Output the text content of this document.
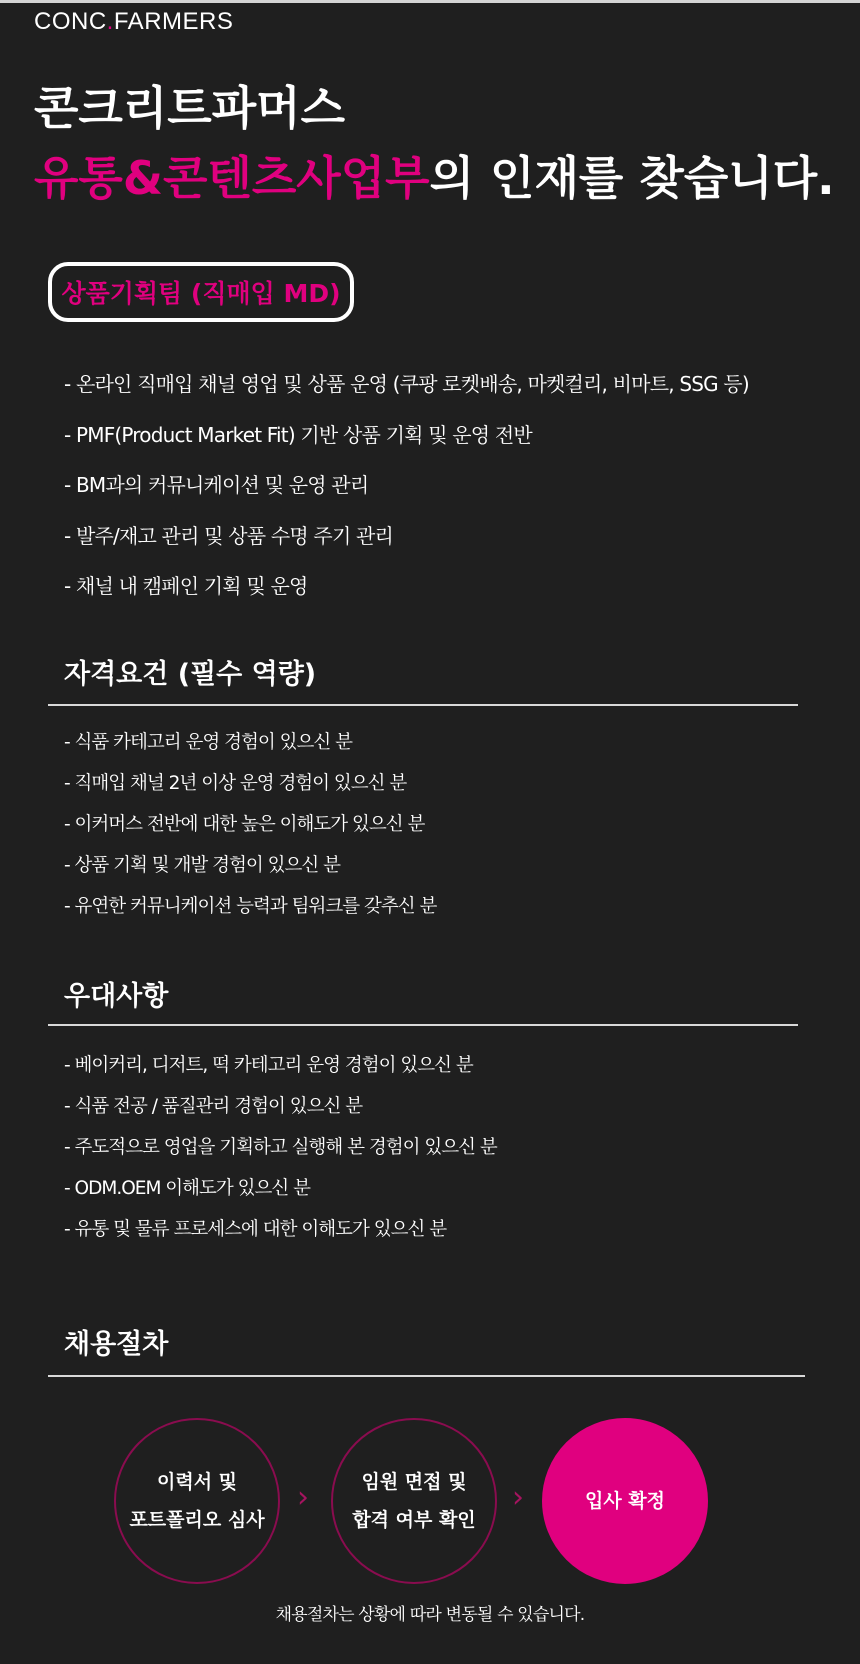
CONC.FARMERS
콘크리트파머스
유통&콘텐츠사업부의 인재를 찾습니다.
상품기획팀 (직매입 MD)
- 온라인 직매입 채널 영업 및 상품 운영 (쿠팡 로켓배송, 마켓컬리, 비마트, SSG 등)
- PMF(Product Market Fit) 기반 상품 기획 및 운영 전반
- BM과의 커뮤니케이션 및 운영 관리
- 발주/재고 관리 및 상품 수명 주기 관리
- 채널 내 캠페인 기획 및 운영
자격요건 (필수 역량)
- 식품 카테고리 운영 경험이 있으신 분
- 직매입 채널 2년 이상 운영 경험이 있으신 분
- 이커머스 전반에 대한 높은 이해도가 있으신 분
- 상품 기획 및 개발 경험이 있으신 분
- 유연한 커뮤니케이션 능력과 팀워크를 갖추신 분
우대사항
- 베이커리, 디저트, 떡 카테고리 운영 경험이 있으신 분
- 식품 전공 / 품질관리 경험이 있으신 분
- 주도적으로 영업을 기획하고 실행해 본 경험이 있으신 분
- ODM.OEM 이해도가 있으신 분
- 유통 및 물류 프로세스에 대한 이해도가 있으신 분
채용절차
이력서 및
포트폴리오 심사
›	임원 면접 및
합격 여부 확인
›	입사 확정
채용절차는 상황에 따라 변동될 수 있습니다.
